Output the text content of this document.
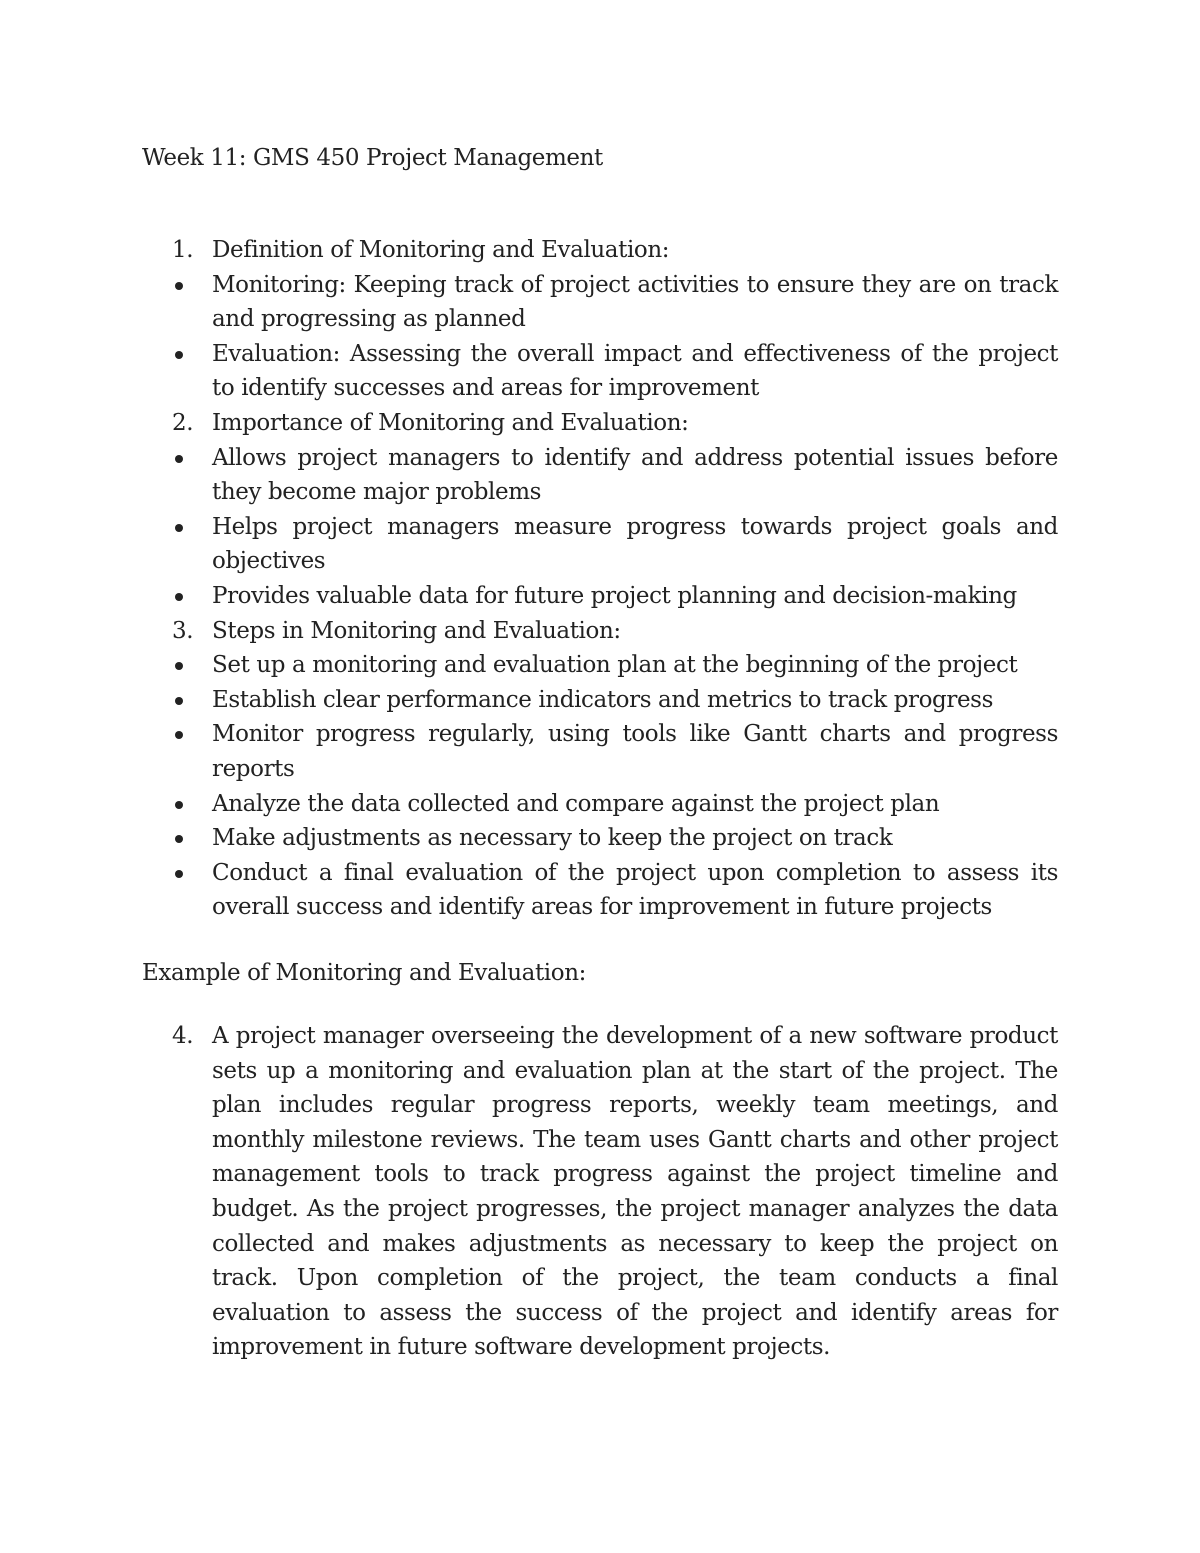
Week 11: GMS 450 Project Management
1. Definition of Monitoring and Evaluation:
Monitoring: Keeping track of project activities to ensure they are on track and progressing as planned
Evaluation: Assessing the overall impact and effectiveness of the project to identify successes and areas for improvement
2. Importance of Monitoring and Evaluation:
Allows project managers to identify and address potential issues before they become major problems
Helps project managers measure progress towards project goals and objectives
Provides valuable data for future project planning and decision-making
3. Steps in Monitoring and Evaluation:
Set up a monitoring and evaluation plan at the beginning of the project
Establish clear performance indicators and metrics to track progress
Monitor progress regularly, using tools like Gantt charts and progress reports
Analyze the data collected and compare against the project plan
Make adjustments as necessary to keep the project on track
Conduct a final evaluation of the project upon completion to assess its overall success and identify areas for improvement in future projects
Example of Monitoring and Evaluation:
4. A project manager overseeing the development of a new software product sets up a monitoring and evaluation plan at the start of the project. The plan includes regular progress reports, weekly team meetings, and monthly milestone reviews. The team uses Gantt charts and other project management tools to track progress against the project timeline and budget. As the project progresses, the project manager analyzes the data collected and makes adjustments as necessary to keep the project on track. Upon completion of the project, the team conducts a final evaluation to assess the success of the project and identify areas for improvement in future software development projects.
